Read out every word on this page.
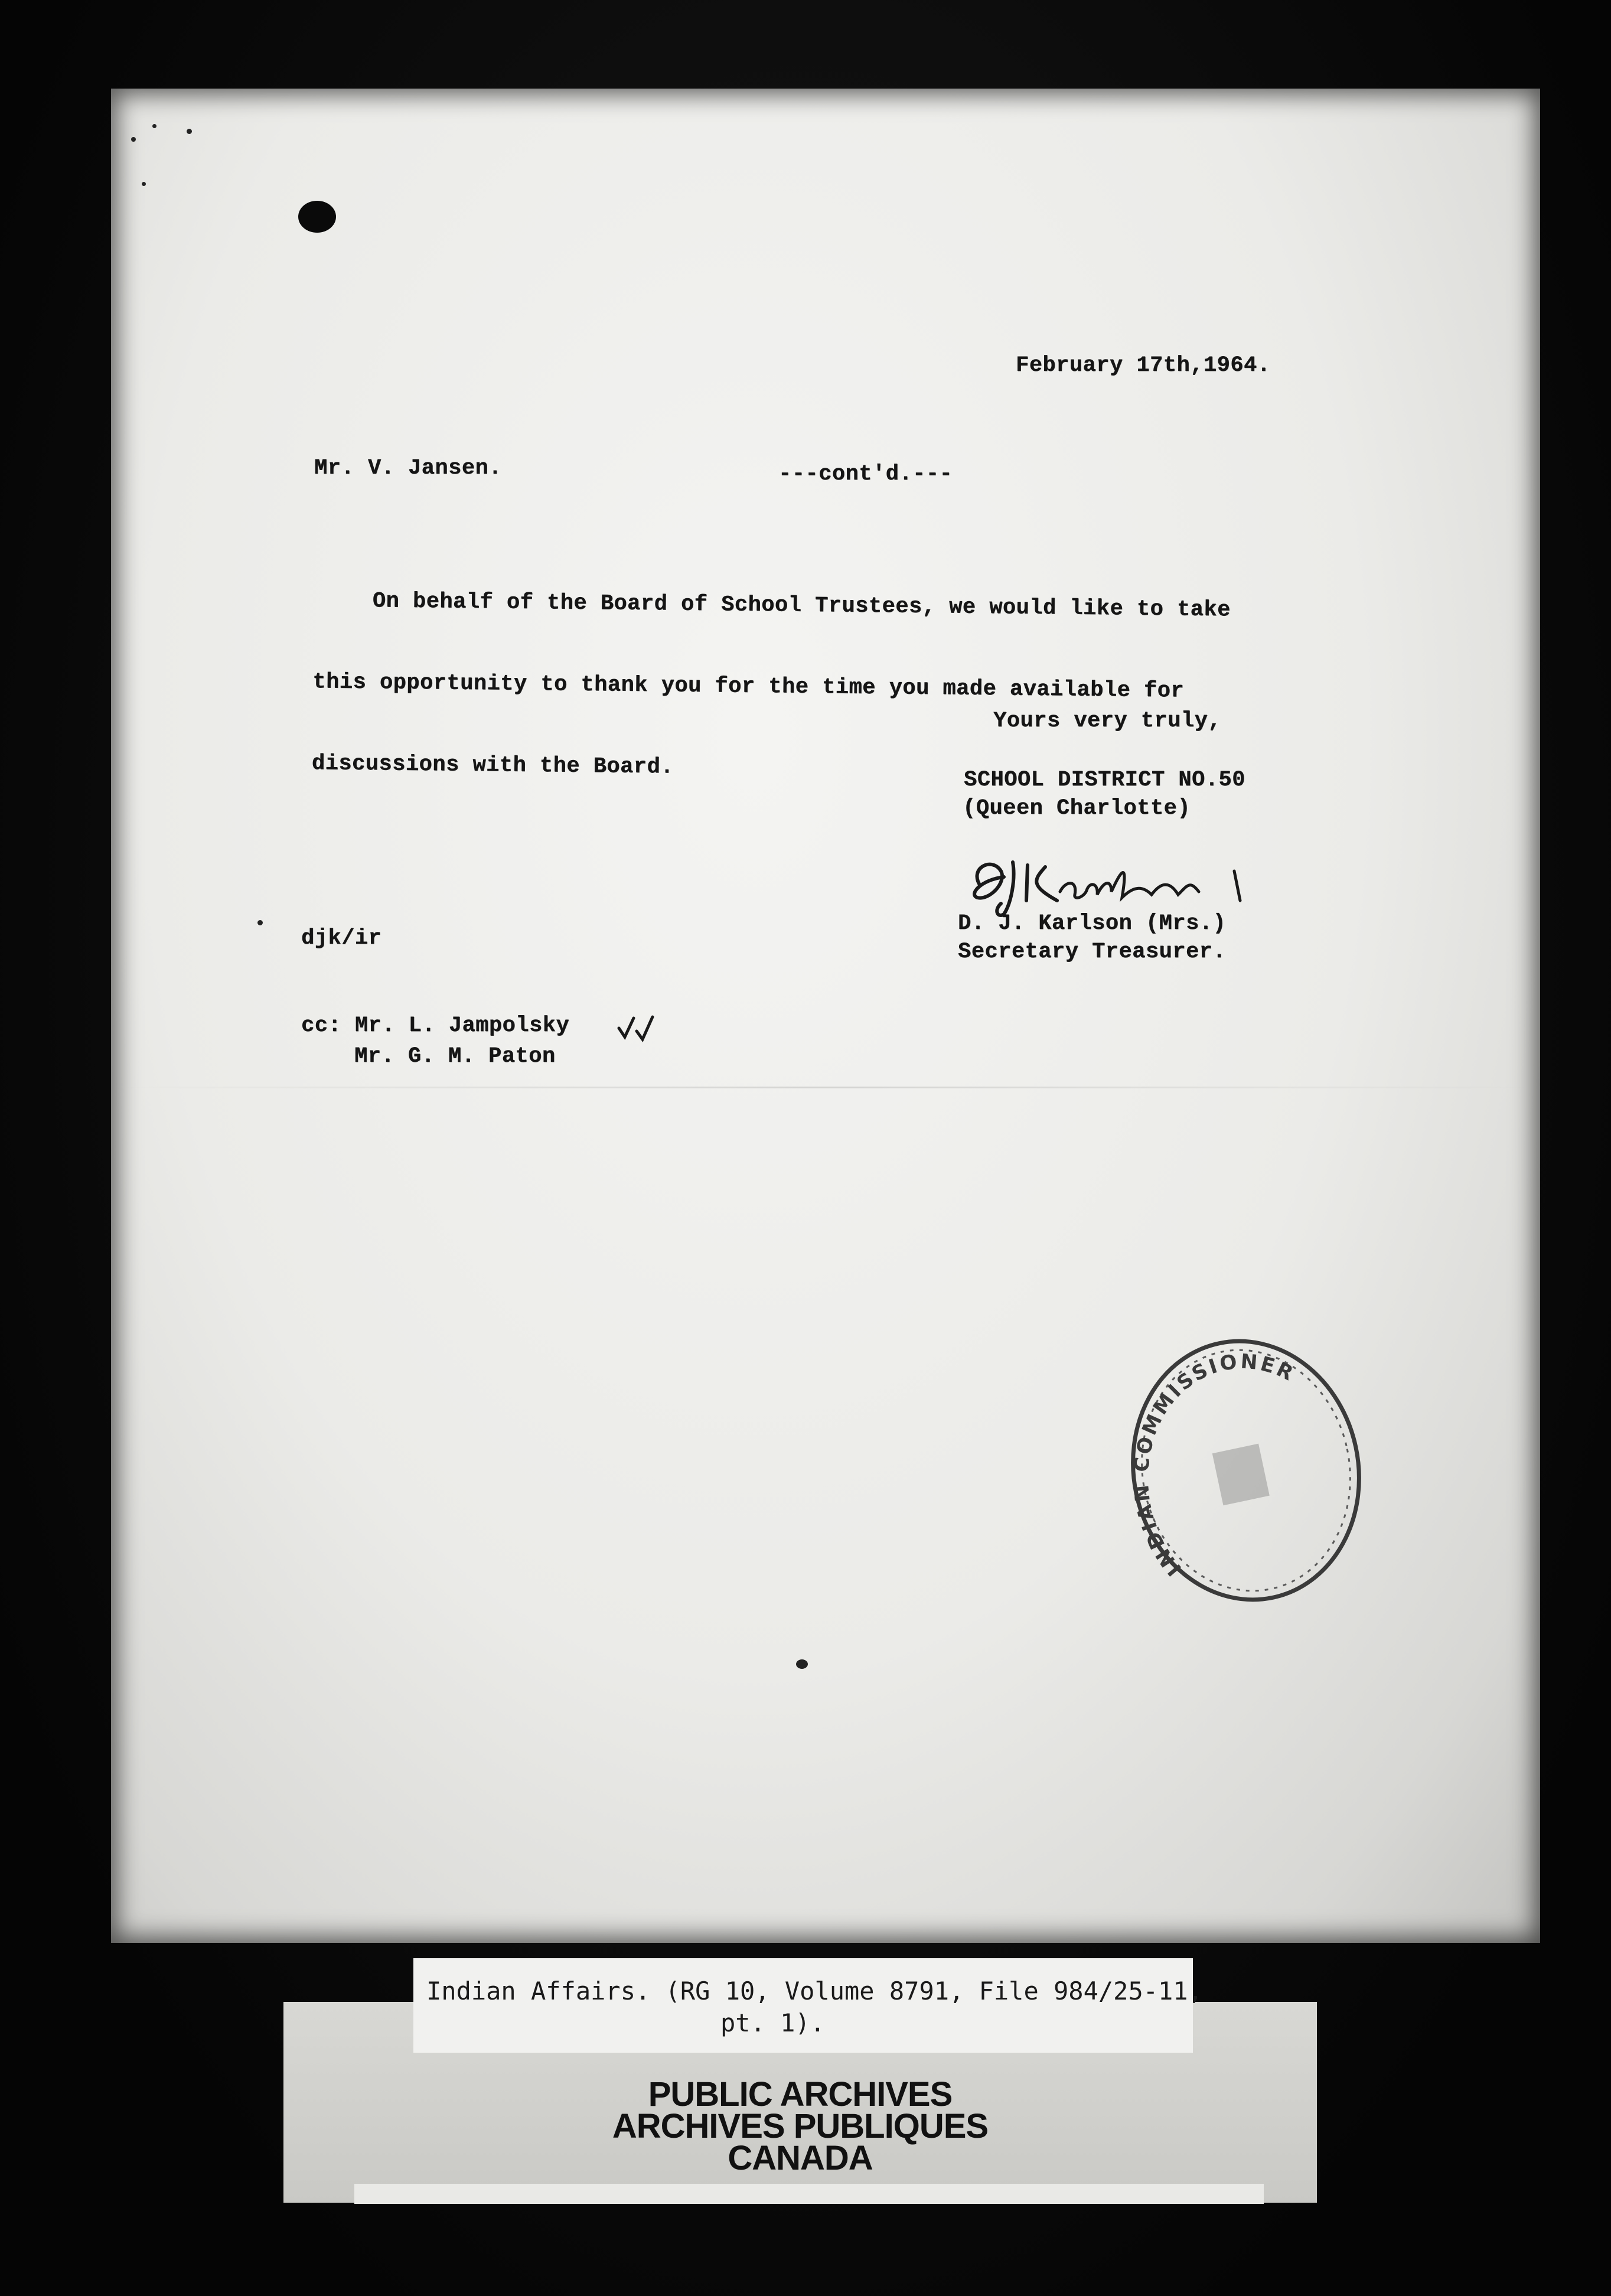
February 17th,1964.
Mr. V. Jansen.	---cont'd.---

On behalf of the Board of School Trustees, we would like to take

this opportunity to thank you for the time you made available for

discussions with the Board.

Yours very truly,
SCHOOL DISTRICT NO.50
(Queen Charlotte)
D. J. Karlson (Mrs.)
Secretary Treasurer.
djk/ir
cc: Mr. L. Jampolsky
Mr. G. M. Paton
INDIAN COMMISSIONER
PUBLIC ARCHIVES
ARCHIVES PUBLIQUES
CANADA
Indian Affairs. (RG 10, Volume 8791, File 984/25-11,
pt. 1).
